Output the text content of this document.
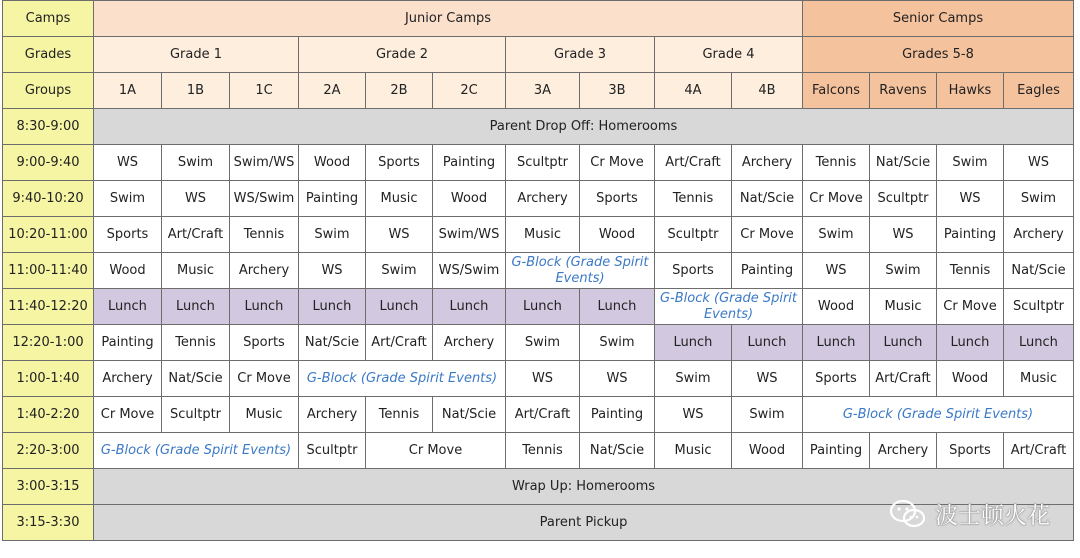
Camps	Junior Camps										Senior Camps			
Grades	Grade 1			Grade 2			Grade 3		Grade 4		Grades 5-8			
Groups	1A	1B	1C	2A	2B	2C	3A	3B	4A	4B	Falcons	Ravens	Hawks	Eagles
8:30-9:00	Parent Drop Off: Homerooms													
9:00-9:40	WS	Swim	Swim/WS	Wood	Sports	Painting	Scultptr	Cr Move	Art/Craft	Archery	Tennis	Nat/Scie	Swim	WS
9:40-10:20	Swim	WS	WS/Swim	Painting	Music	Wood	Archery	Sports	Tennis	Nat/Scie	Cr Move	Scultptr	WS	Swim
10:20-11:00	Sports	Art/Craft	Tennis	Swim	WS	Swim/WS	Music	Wood	Scultptr	Cr Move	Swim	WS	Painting	Archery
11:00-11:40	Wood	Music	Archery	WS	Swim	WS/Swim	G-Block (Grade Spirit Events)		Sports	Painting	WS	Swim	Tennis	Nat/Scie
11:40-12:20	Lunch	Lunch	Lunch	Lunch	Lunch	Lunch	Lunch	Lunch	G-Block (Grade Spirit Events)		Wood	Music	Cr Move	Scultptr
12:20-1:00	Painting	Tennis	Sports	Nat/Scie	Art/Craft	Archery	Swim	Swim	Lunch	Lunch	Lunch	Lunch	Lunch	Lunch
1:00-1:40	Archery	Nat/Scie	Cr Move	G-Block (Grade Spirit Events)			WS	WS	Swim	WS	Sports	Art/Craft	Wood	Music
1:40-2:20	Cr Move	Scultptr	Music	Archery	Tennis	Nat/Scie	Art/Craft	Painting	WS	Swim	G-Block (Grade Spirit Events)			
2:20-3:00	G-Block (Grade Spirit Events)			Scultptr	Cr Move		Tennis	Nat/Scie	Music	Wood	Painting	Archery	Sports	Art/Craft
3:00-3:15	Wrap Up: Homerooms													
3:15-3:30	Parent Pickup														波士顿火花
